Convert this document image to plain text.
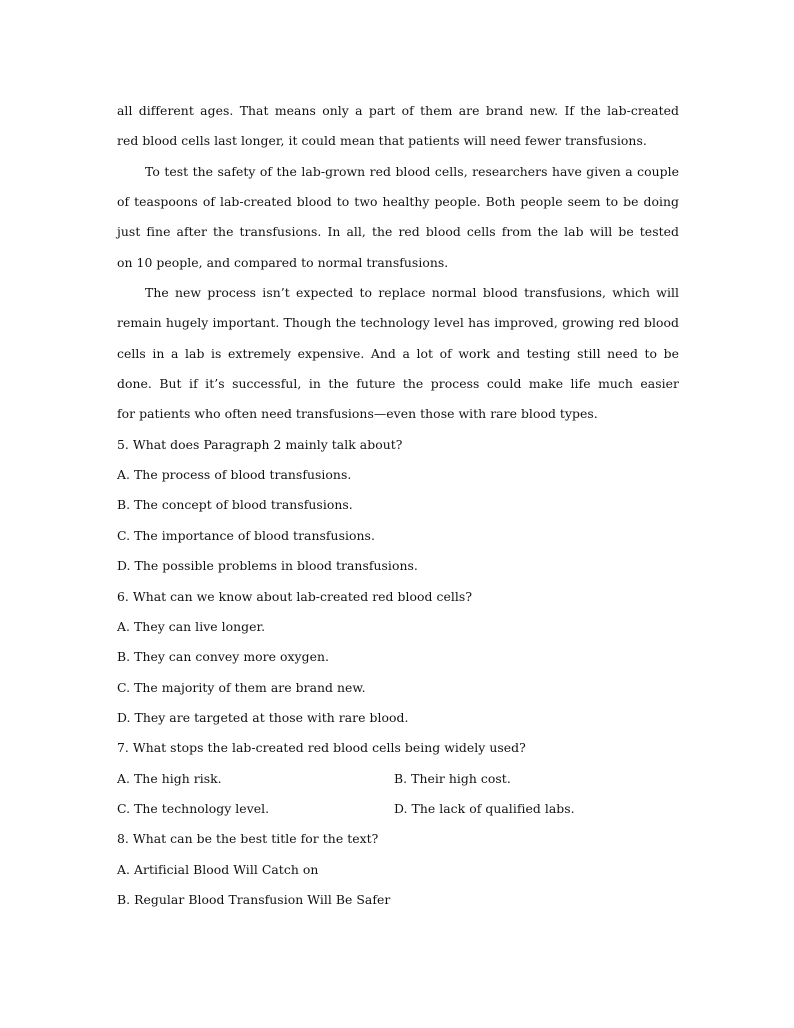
all different ages. That means only a part of them are brand new. If the lab-created
red blood cells last longer, it could mean that patients will need fewer transfusions.
To test the safety of the lab-grown red blood cells, researchers have given a couple
of teaspoons of lab-created blood to two healthy people. Both people seem to be doing
just fine after the transfusions. In all, the red blood cells from the lab will be tested
on 10 people, and compared to normal transfusions.
The new process isn’t expected to replace normal blood transfusions, which will
remain hugely important. Though the technology level has improved, growing red blood
cells in a lab is extremely expensive. And a lot of work and testing still need to be
done. But if it’s successful, in the future the process could make life much easier
for patients who often need transfusions—even those with rare blood types.
5. What does Paragraph 2 mainly talk about?
A. The process of blood transfusions.
B. The concept of blood transfusions.
C. The importance of blood transfusions.
D. The possible problems in blood transfusions.
6. What can we know about lab-created red blood cells?
A. They can live longer.
B. They can convey more oxygen.
C. The majority of them are brand new.
D. They are targeted at those with rare blood.
7. What stops the lab-created red blood cells being widely used?
A. The high risk.	B. Their high cost.
C. The technology level.	D. The lack of qualified labs.
8. What can be the best title for the text?
A. Artificial Blood Will Catch on
B. Regular Blood Transfusion Will Be Safer
